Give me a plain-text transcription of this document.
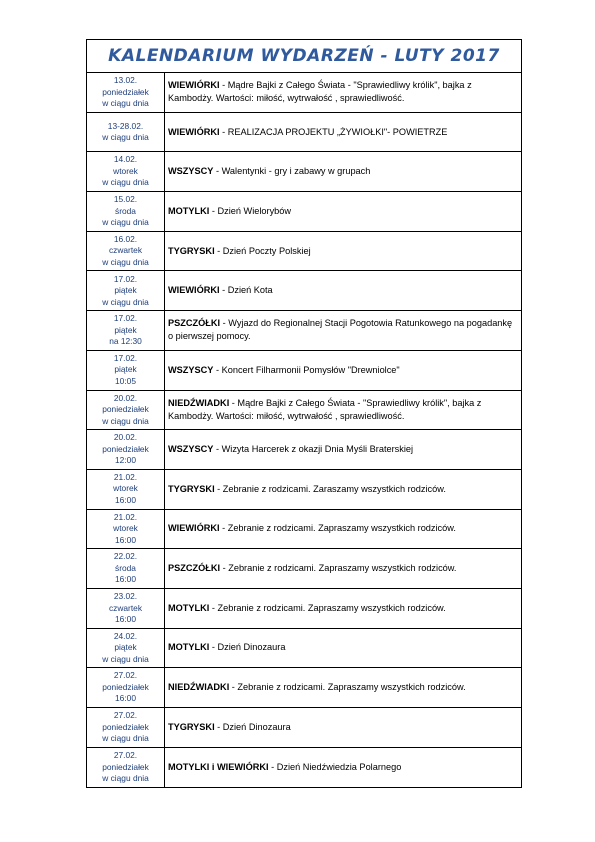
KALENDARIUM WYDARZEŃ - LUTY 2017
13.02.
poniedziałek
w ciągu dnia
WIEWIÓRKI - Mądre Bajki z Całego Świata - "Sprawiedliwy królik", bajka z Kambodży. Wartości: miłość, wytrwałość , sprawiedliwość.
13-28.02.
w ciągu dnia
WIEWIÓRKI - REALIZACJA PROJEKTU „ŻYWIOŁKI"- POWIETRZE
14.02.
wtorek
w ciągu dnia
WSZYSCY - Walentynki - gry i zabawy w grupach
15.02.
środa
w ciągu dnia
MOTYLKI - Dzień Wielorybów
16.02.
czwartek
w ciągu dnia
TYGRYSKI - Dzień Poczty Polskiej
17.02.
piątek
w ciągu dnia
WIEWIÓRKI - Dzień Kota
17.02.
piątek
na 12:30
PSZCZÓŁKI - Wyjazd do Regionalnej Stacji Pogotowia Ratunkowego na pogadankę o pierwszej pomocy.
17.02.
piątek
10:05
WSZYSCY - Koncert Filharmonii Pomysłów "Drewniolce"
20.02.
poniedziałek
w ciągu dnia
NIEDŹWIADKI - Mądre Bajki z Całego Świata - "Sprawiedliwy królik", bajka z Kambodży. Wartości: miłość, wytrwałość , sprawiedliwość.
20.02.
poniedziałek
12:00
WSZYSCY - Wizyta Harcerek z okazji Dnia Myśli Braterskiej
21.02.
wtorek
16:00
TYGRYSKI - Zebranie z rodzicami. Zaraszamy wszystkich rodziców.
21.02.
wtorek
16:00
WIEWIÓRKI - Zebranie z rodzicami. Zapraszamy wszystkich rodziców.
22.02.
środa
16:00
PSZCZÓŁKI - Zebranie z rodzicami. Zapraszamy wszystkich rodziców.
23.02.
czwartek
16:00
MOTYLKI - Zebranie z rodzicami. Zapraszamy wszystkich rodziców.
24.02.
piątek
w ciągu dnia
MOTYLKI - Dzień Dinozaura
27.02.
poniedziałek
16:00
NIEDŹWIADKI - Zebranie z rodzicami. Zapraszamy wszystkich rodziców.
27.02.
poniedziałek
w ciągu dnia
TYGRYSKI - Dzień Dinozaura
27.02.
poniedziałek
w ciągu dnia
MOTYLKI i WIEWIÓRKI - Dzień Niedźwiedzia Polarnego
